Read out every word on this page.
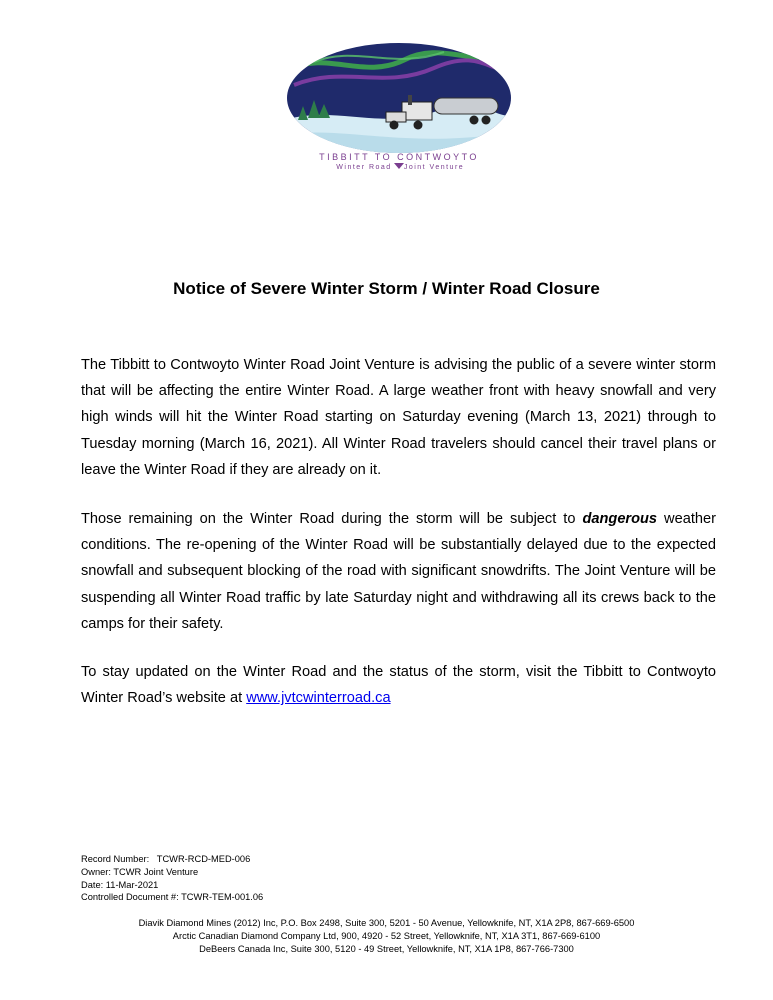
TIBBITT TO CONTWOYTO
Winter Road Joint Venture
Notice of Severe Winter Storm / Winter Road Closure

The Tibbitt to Contwoyto Winter Road Joint Venture is advising the public of a severe winter storm that will be affecting the entire Winter Road. A large weather front with heavy snowfall and very high winds will hit the Winter Road starting on Saturday evening (March 13, 2021) through to Tuesday morning (March 16, 2021). All Winter Road travelers should cancel their travel plans or leave the Winter Road if they are already on it.

Those remaining on the Winter Road during the storm will be subject to dangerous weather conditions. The re-opening of the Winter Road will be substantially delayed due to the expected snowfall and subsequent blocking of the road with significant snowdrifts. The Joint Venture will be suspending all Winter Road traffic by late Saturday night and withdrawing all its crews back to the camps for their safety.

To stay updated on the Winter Road and the status of the storm, visit the Tibbitt to Contwoyto
Winter Road’s website at www.jvtcwinterroad.ca

Record Number:   TCWR-RCD-MED-006
Owner: TCWR Joint Venture
Date: 11-Mar-2021
Controlled Document #: TCWR-TEM-001.06
Diavik Diamond Mines (2012) Inc, P.O. Box 2498, Suite 300, 5201 - 50 Avenue, Yellowknife, NT, X1A 2P8, 867-669-6500
Arctic Canadian Diamond Company Ltd, 900, 4920 - 52 Street, Yellowknife, NT, X1A 3T1, 867-669-6100
DeBeers Canada Inc, Suite 300, 5120 - 49 Street, Yellowknife, NT, X1A 1P8, 867-766-7300
